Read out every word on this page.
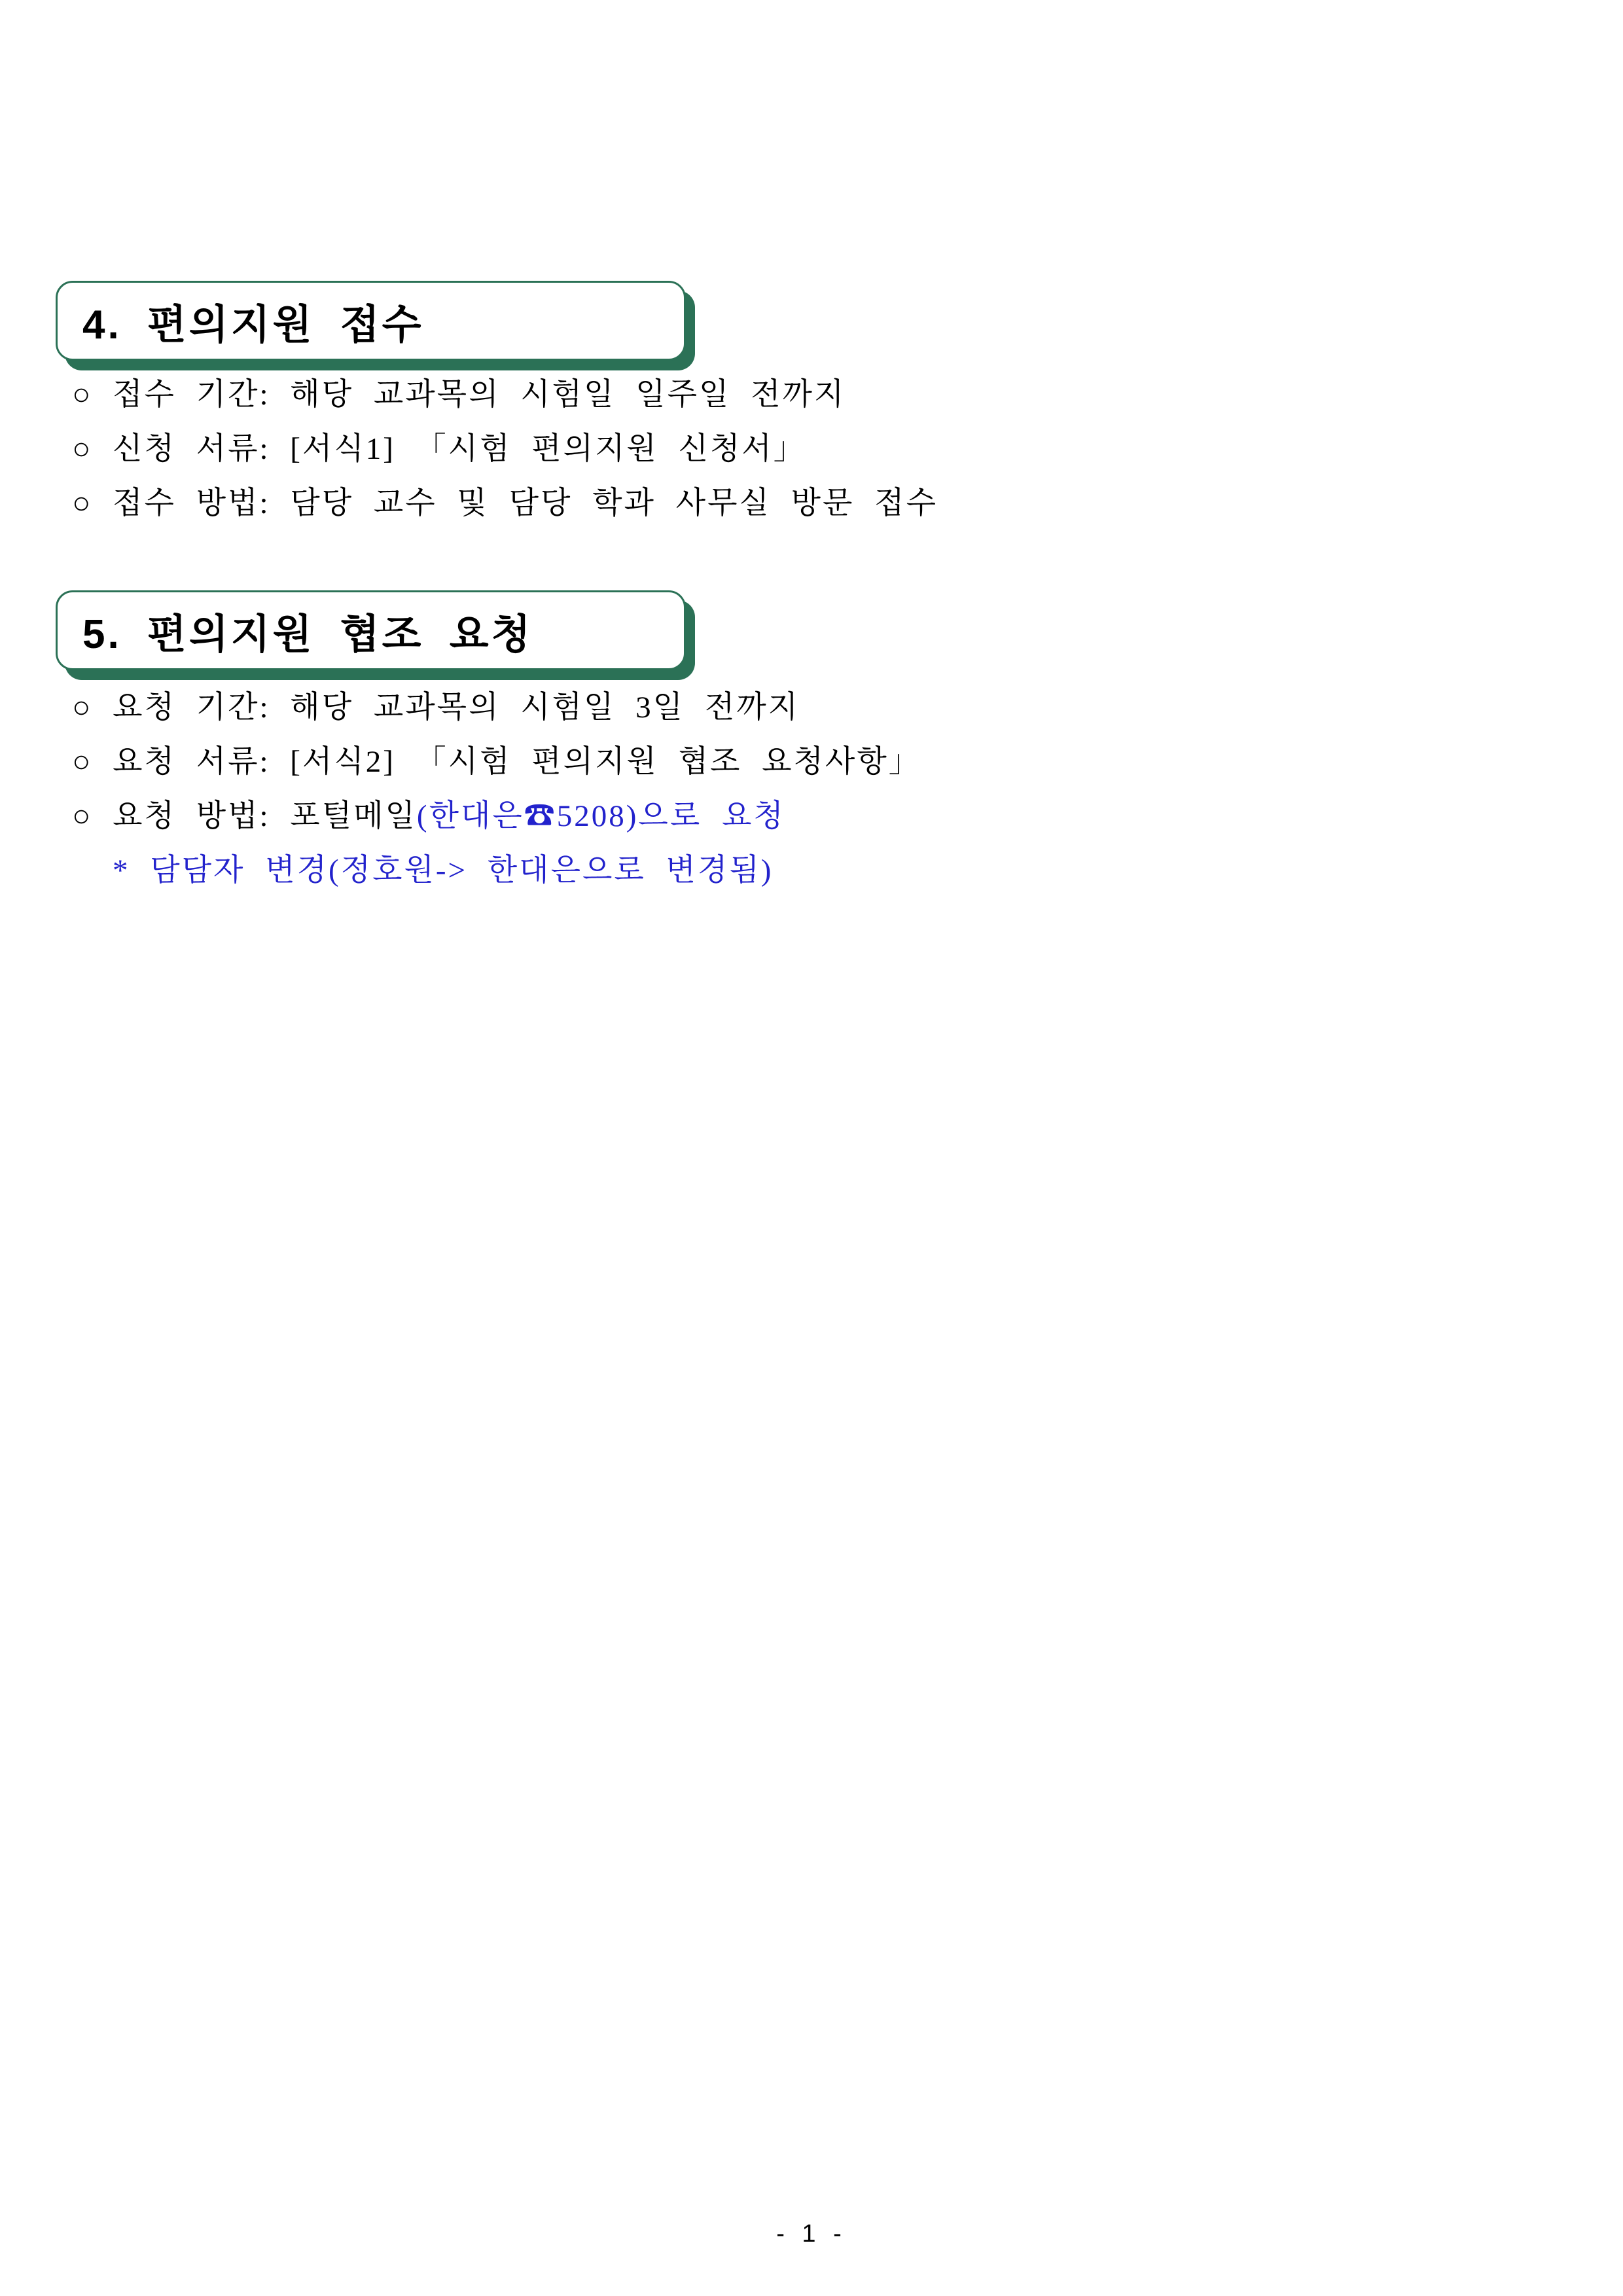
4. 편의지원 접수
○ 접수 기간: 해당 교과목의 시험일 일주일 전까지
○ 신청 서류: [서식1] 「시험 편의지원 신청서」
○ 접수 방법: 담당 교수 및 담당 학과 사무실 방문 접수
5. 편의지원 협조 요청
○ 요청 기간: 해당 교과목의 시험일 3일 전까지
○ 요청 서류: [서식2] 「시험 편의지원 협조 요청사항」
○ 요청 방법: 포털메일(한대은☎5208)으로 요청
* 담담자 변경(정호원-> 한대은으로 변경됨)
- 1 -
